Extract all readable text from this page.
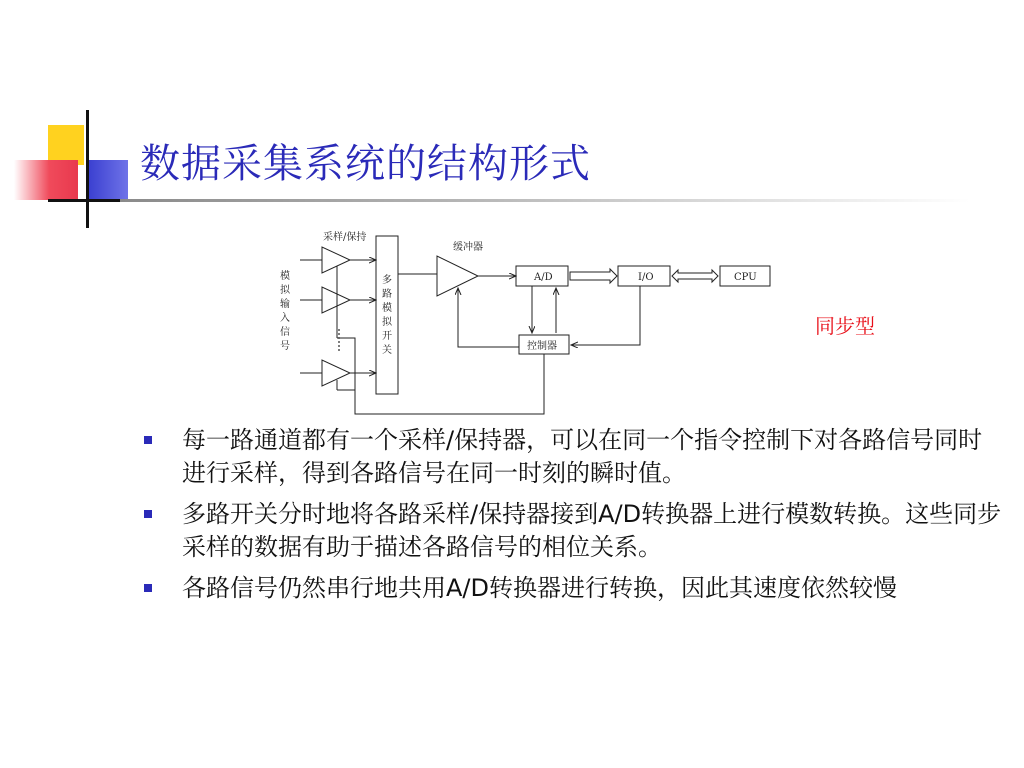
数据采集系统的结构形式
采样/保持
缓冲器
A/D	I/O	CPU
控制器
模
拟
输
入
信
号
多
路
模
拟
开
关
同步型
每一路通道都有一个采样/保持器，可以在同一个指令控制下对各路信号同时进行采样，得到各路信号在同一时刻的瞬时值。
多路开关分时地将各路采样/保持器接到A/D转换器上进行模数转换。这些同步采样的数据有助于描述各路信号的相位关系。
各路信号仍然串行地共用A/D转换器进行转换，因此其速度依然较慢
